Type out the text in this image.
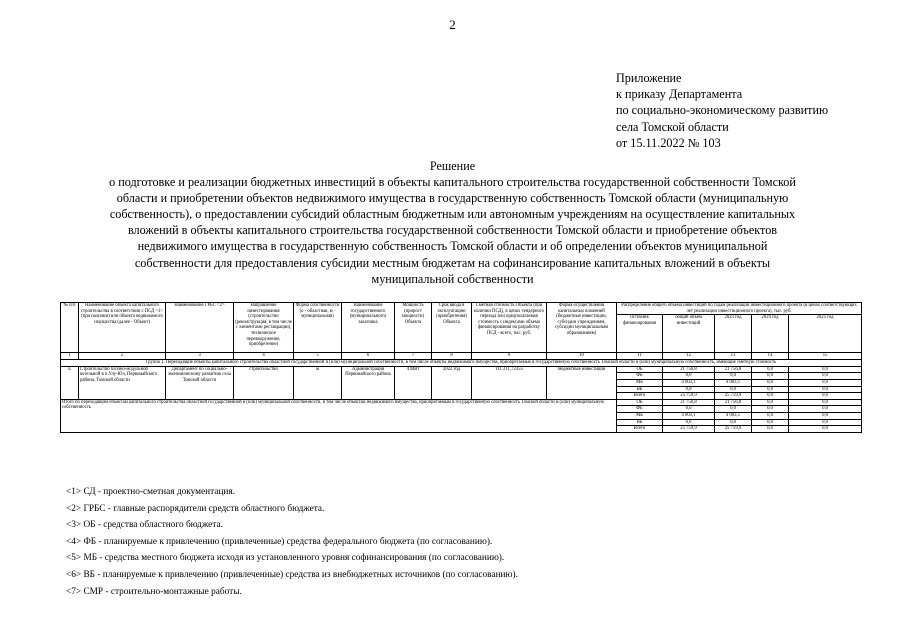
2
Приложение
к приказу Департамента
по социально-экономическому развитию
села Томской области
от 15.11.2022 № 103
Решение
о подготовке и реализации бюджетных инвестиций в объекты капитального строительства государственной собственности Томской
области и приобретении объектов недвижимого имущества в государственную собственность Томской области (муниципальную
собственность), о предоставлении субсидий областным бюджетным или автономным учреждениям на осуществление капитальных
вложений в объекты капитального строительства государственной собственности Томской области и приобретение объектов
недвижимого имущества в государственную собственность Томской области и об определении объектов муниципальной
собственности для предоставления субсидии местным бюджетам на софинансирование капитальных вложений в объекты
муниципальной собственности
№ п/п	Наименование объекта капитального строительства в соответствии с ПСД <1> (при наличии) или объекта недвижимого имущества (далее - Объект)	Наименование ГРБС <2>	Направление инвестирования (строительство (реконструкция, в том числе с элементами реставрации), техническое перевооружение, приобретение)	Форма собственности (о - областная, м - муниципальная)	Наименование государственного (муниципального) заказчика	Мощность (прирост мощности) Объекта	Срок ввода в эксплуатацию (приобретения) Объекта	Сметная стоимость Объекта (при наличии ПСД), в ценах тендерного периода или предполагаемая стоимость с индексами объема финансирования на разработку ПСД - всего, тыс. руб.	Форма осуществления капитальных вложений (бюджетные инвестиции, субсидии учреждениям, субсидии муниципальным образованиям)	Распределение общего объема инвестиций по годам реализации инвестиционного проекта (в ценах соответствующих лет реализации инвестиционного проекта), тыс. руб.				
										источник финансирования	общий объем инвестиций	2023 год	2024 год	2025 год
1	2	3	4	5	6	7	8	9	10	11	12	13	14	15
Группа 1. Переходящие объекты капитального строительства областной государственной и (или) муниципальной собственности, в том числе объекты недвижимого имущества, приобретаемые в государственную собственность Томской области и (или) муниципальную собственность, имеющие сметную стоимость														
4.	Строительство блочно-модульной котельной в п.Улу-Юл, Первомайского района, Томской области	Департамент по социально-экономическому развитию села Томской области	строительство	м	Администрация Первомайского района	4 МВт	2022 год	111 211,73355	бюджетные инвестиции	ОБ	21 756,8	21 756,8	0,0	0,0
										ФБ	0,0	0,0	0,0	0,0
										МБ	4 003,1	4 003,1	0,0	0,0
										ВБ	0,0	0,0	0,0	0,0
										Всего	25 759,9	25 759,9	0,0	0,0
Итого по переходящим объектам капитального строительства областной государственной и (или) муниципальной собственности, в том числе объектам недвижимого имущества, приобретаемым в государственную собственность Томской области и (или) муниципальную собственность										ОБ	21 756,8	21 756,8	0,0	0,0
										ФБ	0,0	0,0	0,0	0,0
										МБ	4 003,1	4 003,1	0,0	0,0
										ВБ	0,0	0,0	0,0	0,0
										Всего	25 759,9	25 759,9	0,0	0,0
<1> СД - проектно-сметная документация.
<2> ГРБС - главные распорядители средств областного бюджета.
<3> ОБ - средства областного бюджета.
<4> ФБ - планируемые к привлечению (привлеченные) средства федерального бюджета (по согласованию).
<5> МБ - средства местного бюджета исходя из установленного уровня софинансирования (по согласованию).
<6> ВБ - планируемые к привлечению (привлеченные) средства из внебюджетных источников (по согласованию).
<7> СМР - строительно-монтажные работы.
